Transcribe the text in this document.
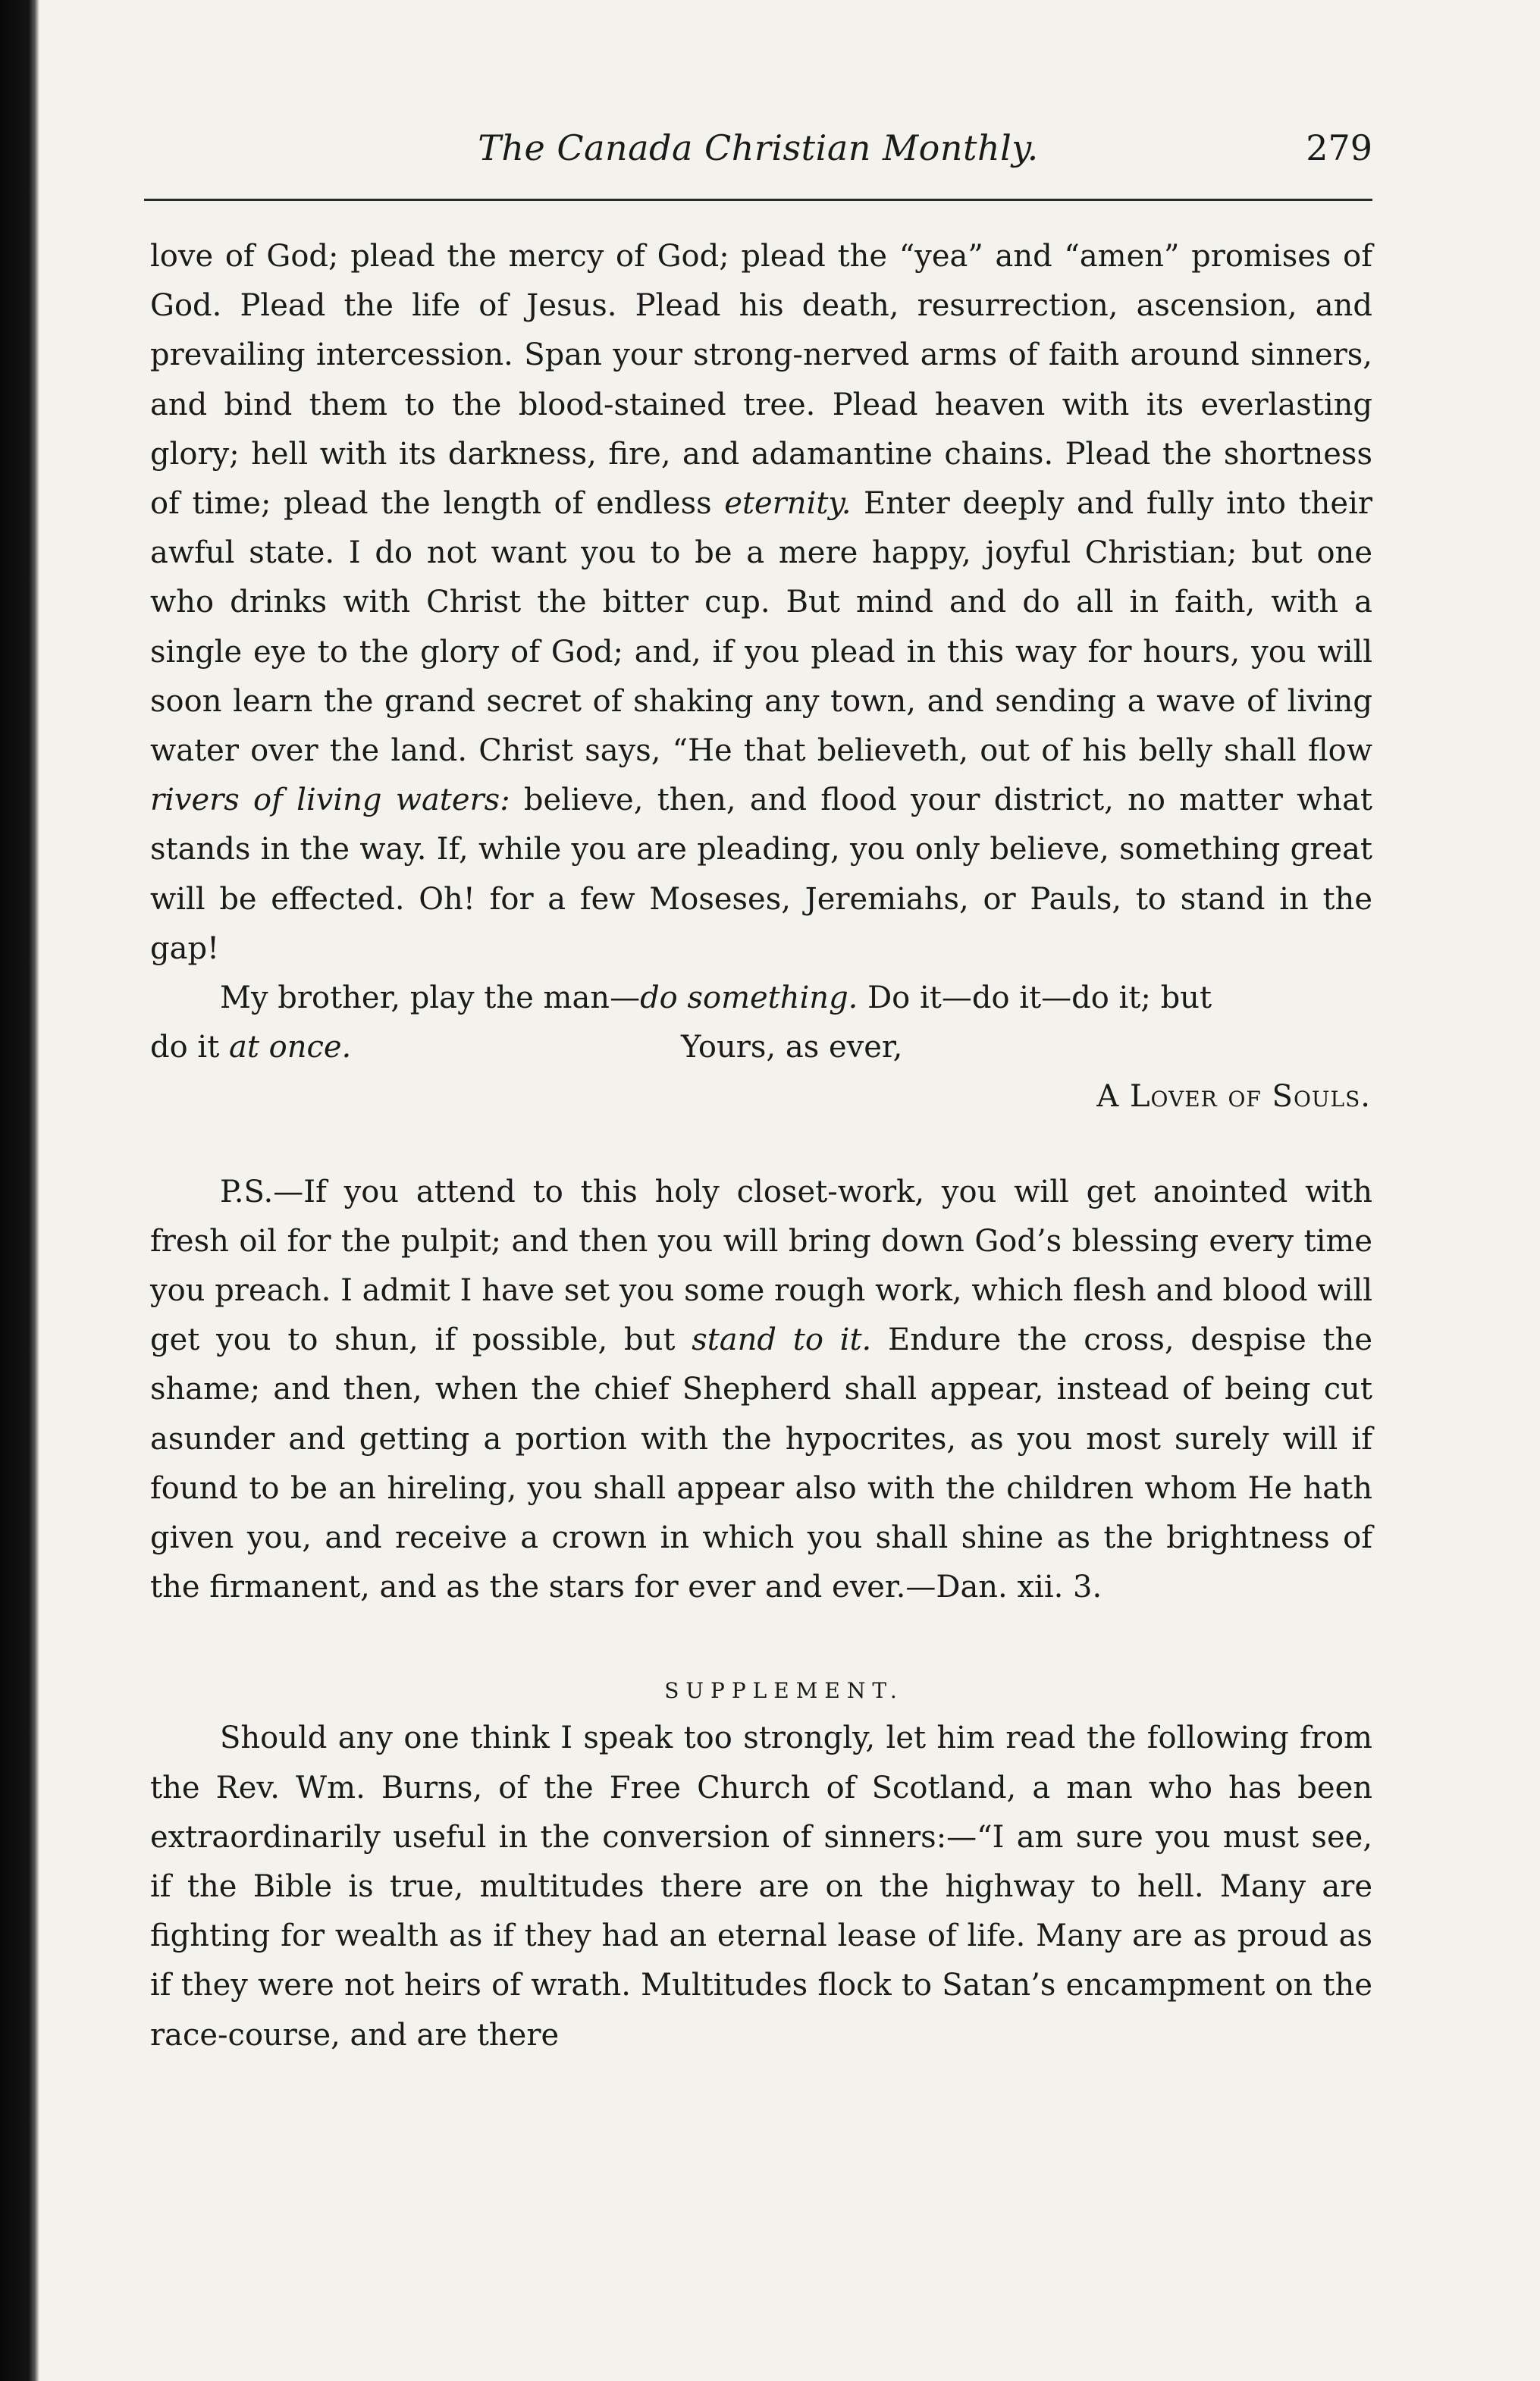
The Canada Christian Monthly.	279

love of God; plead the mercy of God; plead the “yea” and “amen” promises of God. Plead the life of Jesus. Plead his death, resurrection, ascension, and prevailing intercession. Span your strong-nerved arms of faith around sinners, and bind them to the blood-stained tree. Plead heaven with its everlasting glory; hell with its darkness, fire, and adamantine chains. Plead the shortness of time; plead the length of endless eternity. Enter deeply and fully into their awful state. I do not want you to be a mere happy, joyful Christian; but one who drinks with Christ the bitter cup. But mind and do all in faith, with a single eye to the glory of God; and, if you plead in this way for hours, you will soon learn the grand secret of shaking any town, and sending a wave of living water over the land. Christ says, “He that believeth, out of his belly shall flow rivers of living waters: believe, then, and flood your district, no matter what stands in the way. If, while you are pleading, you only believe, something great will be effected. Oh! for a few Moseses, Jeremiahs, or Pauls, to stand in the gap!

My brother, play the man—do something. Do it—do it—do it; but

do it at once.	Yours, as ever,

A Lover of Souls.

P.S.—If you attend to this holy closet-work, you will get anointed with fresh oil for the pulpit; and then you will bring down God’s blessing every time you preach. I admit I have set you some rough work, which flesh and blood will get you to shun, if possible, but stand to it. Endure the cross, despise the shame; and then, when the chief Shepherd shall appear, instead of being cut asunder and getting a portion with the hypocrites, as you most surely will if found to be an hireling, you shall appear also with the children whom He hath given you, and receive a crown in which you shall shine as the brightness of the firmanent, and as the stars for ever and ever.—Dan. xii. 3.

SUPPLEMENT.

Should any one think I speak too strongly, let him read the following from the Rev. Wm. Burns, of the Free Church of Scotland, a man who has been extraordinarily useful in the conversion of sinners:—“I am sure you must see, if the Bible is true, multitudes there are on the highway to hell. Many are fighting for wealth as if they had an eternal lease of life. Many are as proud as if they were not heirs of wrath. Multitudes flock to Satan’s encampment on the race-course, and are there
